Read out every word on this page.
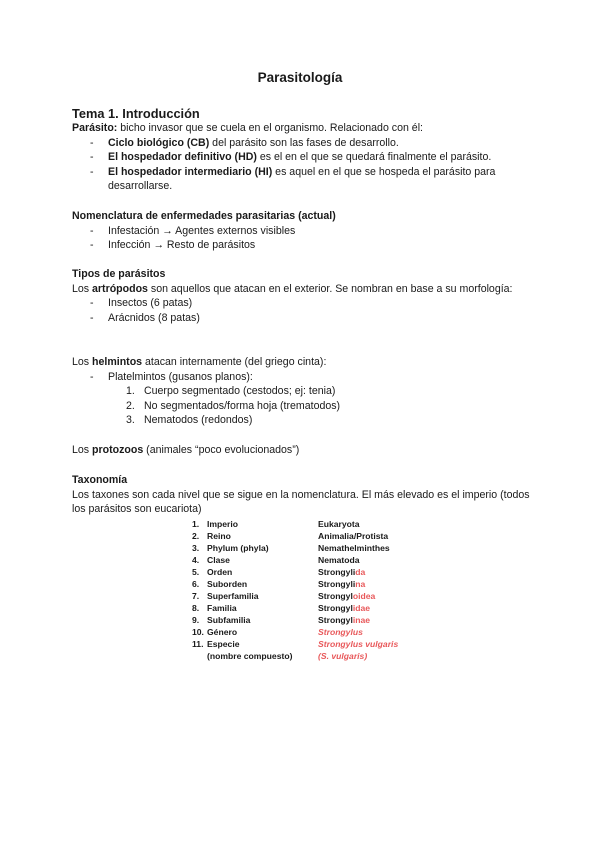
Parasitología
Tema 1. Introducción
Parásito: bicho invasor que se cuela en el organismo. Relacionado con él:
- Ciclo biológico (CB) del parásito son las fases de desarrollo.
- El hospedador definitivo (HD) es el en el que se quedará finalmente el parásito.
- El hospedador intermediario (HI) es aquel en el que se hospeda el parásito para desarrollarse.
Nomenclatura de enfermedades parasitarias (actual)
- Infestación → Agentes externos visibles
- Infección → Resto de parásitos
Tipos de parásitos
Los artrópodos son aquellos que atacan en el exterior. Se nombran en base a su morfología:
- Insectos (6 patas)
- Arácnidos (8 patas)
Los helmintos atacan internamente (del griego cinta):
- Platelmintos (gusanos planos):
1. Cuerpo segmentado (cestodos; ej: tenia)
2. No segmentados/forma hoja (trematodos)
3. Nematodos (redondos)
Los protozoos (animales “poco evolucionados”)
Taxonomía
Los taxones son cada nivel que se sigue en la nomenclatura. El más elevado es el imperio (todos los parásitos son eucariota)
1. Imperio	Eukaryota
2. Reino	Animalia/Protista
3. Phylum (phyla)	Nemathelminthes
4. Clase	Nematoda
5. Orden	Strongylida
6. Suborden	Strongylina
7. Superfamilia	Strongyloidea
8. Familia	Strongylidae
9. Subfamilia	Strongylinae
10. Género	Strongylus
11. Especie	Strongylus vulgaris
(nombre compuesto)	(S. vulgaris)
